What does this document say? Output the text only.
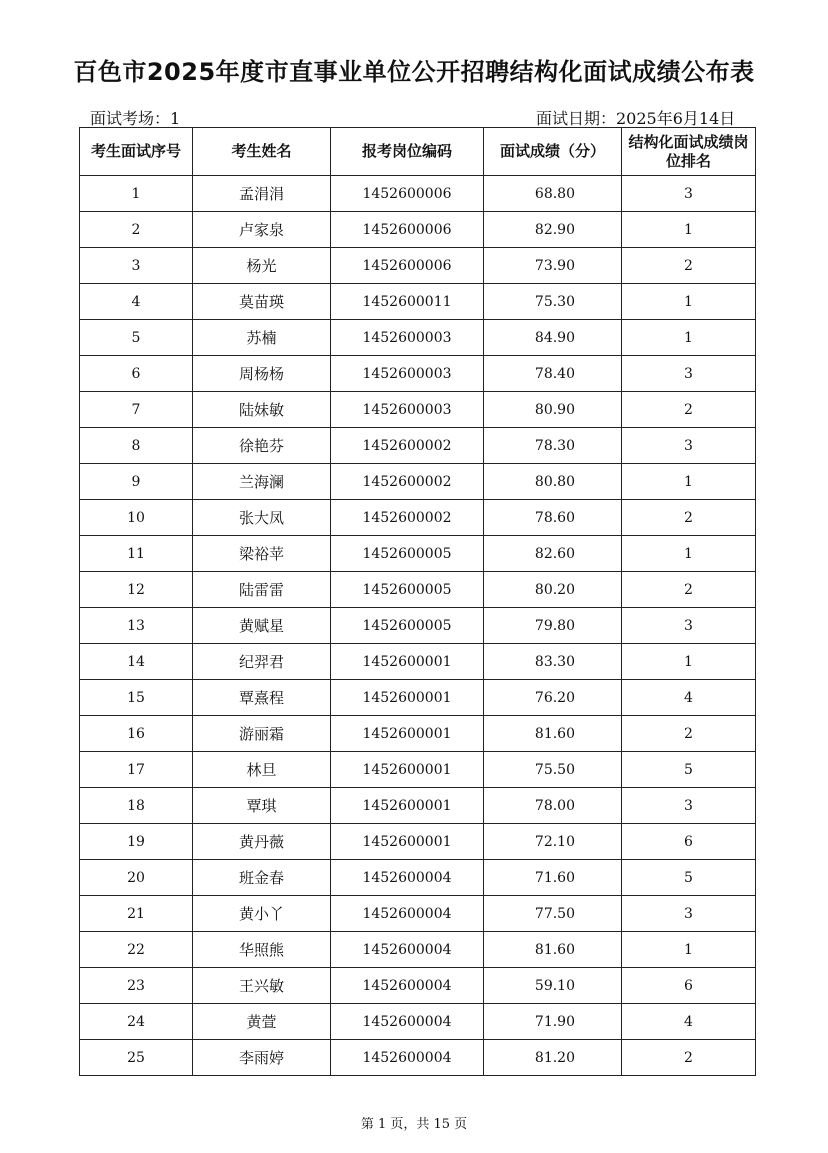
百色市2025年度市直事业单位公开招聘结构化面试成绩公布表
面试考场：1	面试日期：2025年6月14日
考生面试序号	考生姓名	报考岗位编码	面试成绩（分）	结构化面试成绩岗位排名
1	孟涓涓	1452600006	68.80	3
2	卢家泉	1452600006	82.90	1
3	杨光	1452600006	73.90	2
4	莫苗瑛	1452600011	75.30	1
5	苏楠	1452600003	84.90	1
6	周杨杨	1452600003	78.40	3
7	陆妹敏	1452600003	80.90	2
8	徐艳芬	1452600002	78.30	3
9	兰海澜	1452600002	80.80	1
10	张大凤	1452600002	78.60	2
11	梁裕苹	1452600005	82.60	1
12	陆雷雷	1452600005	80.20	2
13	黄赋星	1452600005	79.80	3
14	纪羿君	1452600001	83.30	1
15	覃熹程	1452600001	76.20	4
16	游丽霜	1452600001	81.60	2
17	林旦	1452600001	75.50	5
18	覃琪	1452600001	78.00	3
19	黄丹薇	1452600001	72.10	6
20	班金春	1452600004	71.60	5
21	黄小丫	1452600004	77.50	3
22	华照熊	1452600004	81.60	1
23	王兴敏	1452600004	59.10	6
24	黄萱	1452600004	71.90	4
25	李雨婷	1452600004	81.20	2
第 1 页，共 15 页
